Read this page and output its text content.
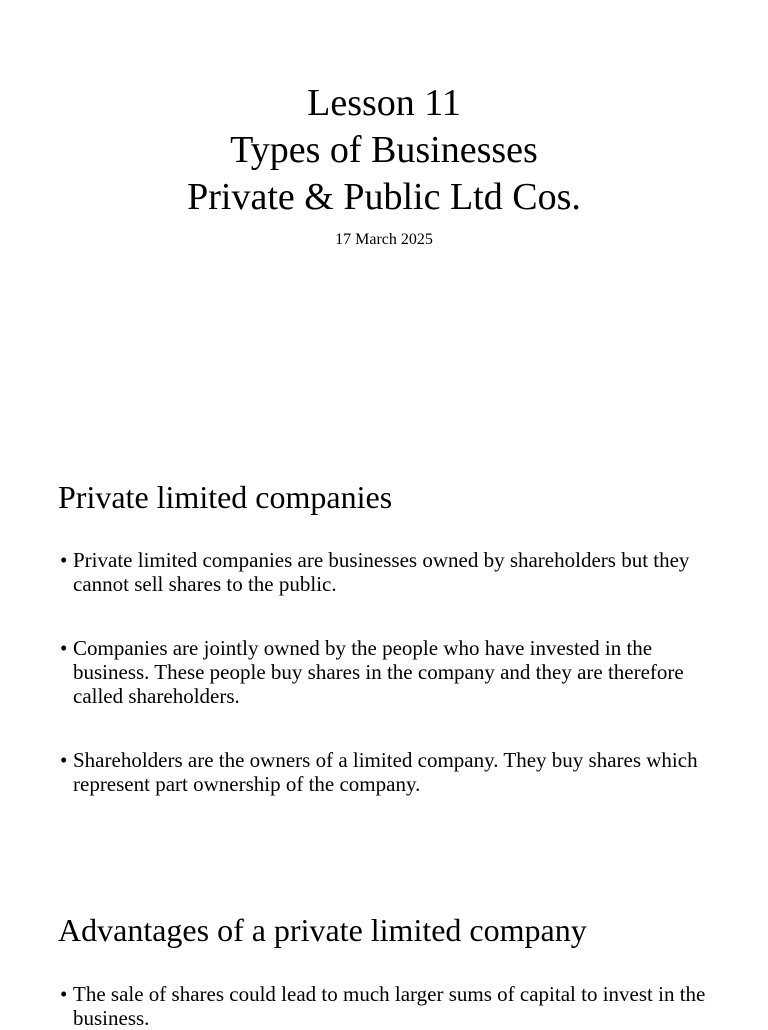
Lesson 11
Types of Businesses
Private & Public Ltd Cos.
17 March 2025
Private limited companies
• Private limited companies are businesses owned by shareholders but they cannot sell shares to the public.
• Companies are jointly owned by the people who have invested in the business. These people buy shares in the company and they are therefore called shareholders.
• Shareholders are the owners of a limited company. They buy shares which represent part ownership of the company.
Advantages of a private limited company
• The sale of shares could lead to much larger sums of capital to invest in the business.
